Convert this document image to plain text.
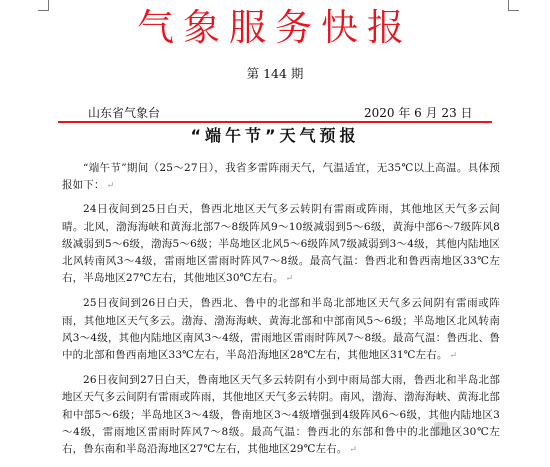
气象服务快报
第 144 期
山东省气象台	2020 年 6 月 23 日
“端午节”天气预报

“端午节”期间（25～27日），我省多雷阵雨天气，气温适宜，无35℃以上高温。具体预报如下： ↵

24日夜间到25日白天，鲁西北地区天气多云转阴有雷雨或阵雨，其他地区天气多云间晴。北风，渤海海峡和黄海北部7～8级阵风9～10级减弱到5～6级，黄海中部6～7级阵风8级减弱到5～6级，渤海5～6级；半岛地区北风5～6级阵风7级减弱到3～4级，其他内陆地区北风转南风3～4级，雷雨地区雷雨时阵风7～8级。最高气温：鲁西北和鲁西南地区33℃左右，半岛地区27℃左右，其他地区30℃左右。 ↵

25日夜间到26日白天，鲁西北、鲁中的北部和半岛北部地区天气多云间阴有雷雨或阵雨，其他地区天气多云。渤海、渤海海峡、黄海北部和中部南风5～6级；半岛地区北风转南风3～4级，其他内陆地区南风3～4级，雷雨地区雷雨时阵风7～8级。最高气温：鲁西北、鲁中的北部和鲁西南地区33℃左右，半岛沿海地区28℃左右，其他地区31℃左右。 ↵

26日夜间到27日白天，鲁南地区天气多云转阴有小到中雨局部大雨，鲁西北和半岛北部地区天气多云间阴有雷雨或阵雨，其他地区天气多云转阴。南风，渤海、渤海海峡、黄海北部和中部5～6级；半岛地区3～4级，鲁南地区3～4级增强到4级阵风6～6级，其他内陆地区3～4级，雷雨地区雷雨时阵风7～8级。最高气温：鲁西北的东部和鲁中的北部地区30℃左右，鲁东南和半岛沿海地区27℃左右，其他地区29℃左右。 ↵
